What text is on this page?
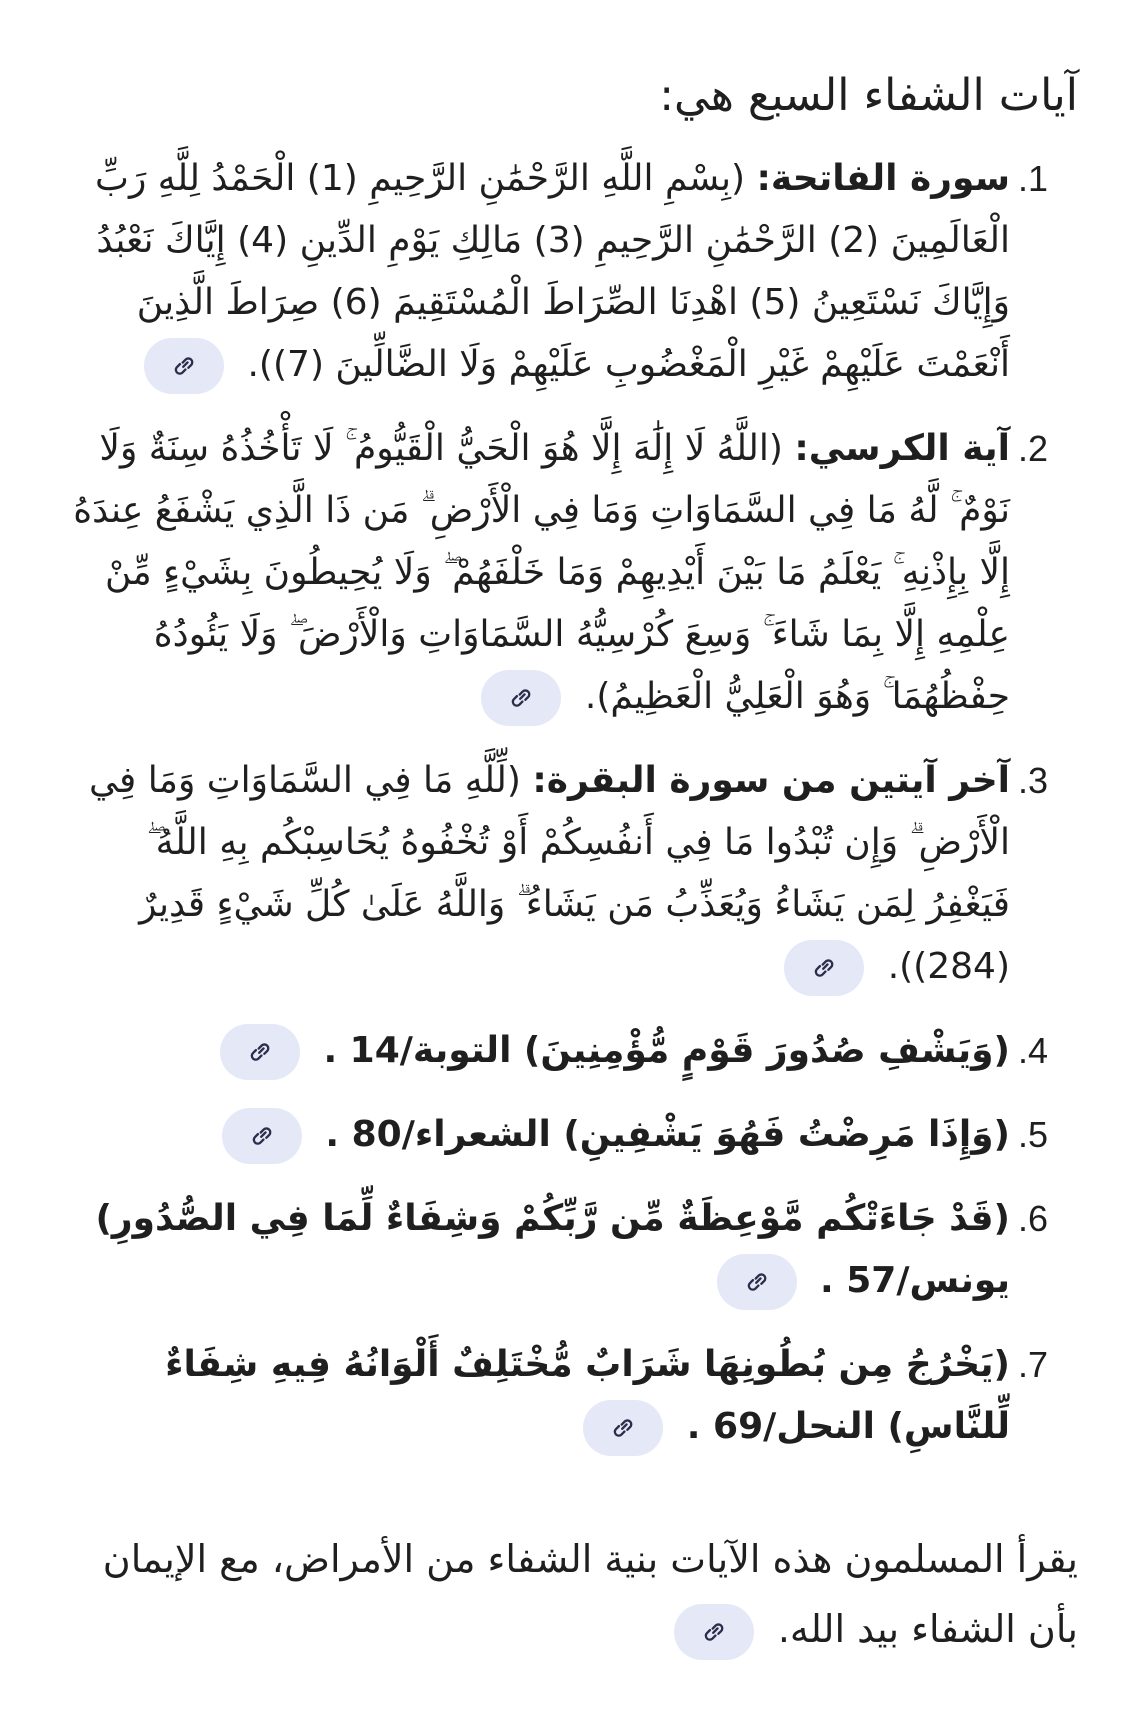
آيات الشفاء السبع هي:
.1
سورة الفاتحة: (بِسْمِ اللَّهِ الرَّحْمَٰنِ الرَّحِيمِ (1) الْحَمْدُ لِلَّهِ رَبِّ الْعَالَمِينَ (2) الرَّحْمَٰنِ الرَّحِيمِ (3) مَالِكِ يَوْمِ الدِّينِ (4) إِيَّاكَ نَعْبُدُ وَإِيَّاكَ نَسْتَعِينُ (5) اهْدِنَا الصِّرَاطَ الْمُسْتَقِيمَ (6) صِرَاطَ الَّذِينَ أَنْعَمْتَ عَلَيْهِمْ غَيْرِ الْمَغْضُوبِ عَلَيْهِمْ وَلَا الضَّالِّينَ (7)).
.2
آية الكرسي: (اللَّهُ لَا إِلَٰهَ إِلَّا هُوَ الْحَيُّ الْقَيُّومُ ۚ لَا تَأْخُذُهُ سِنَةٌ وَلَا نَوْمٌ ۚ لَّهُ مَا فِي السَّمَاوَاتِ وَمَا فِي الْأَرْضِ ۗ مَن ذَا الَّذِي يَشْفَعُ عِندَهُ إِلَّا بِإِذْنِهِ ۚ يَعْلَمُ مَا بَيْنَ أَيْدِيهِمْ وَمَا خَلْفَهُمْ ۖ وَلَا يُحِيطُونَ بِشَيْءٍ مِّنْ عِلْمِهِ إِلَّا بِمَا شَاءَ ۚ وَسِعَ كُرْسِيُّهُ السَّمَاوَاتِ وَالْأَرْضَ ۖ وَلَا يَئُودُهُ حِفْظُهُمَا ۚ وَهُوَ الْعَلِيُّ الْعَظِيمُ).
.3
آخر آيتين من سورة البقرة: (لِّلَّهِ مَا فِي السَّمَاوَاتِ وَمَا فِي الْأَرْضِ ۗ وَإِن تُبْدُوا مَا فِي أَنفُسِكُمْ أَوْ تُخْفُوهُ يُحَاسِبْكُم بِهِ اللَّهُ ۖ فَيَغْفِرُ لِمَن يَشَاءُ وَيُعَذِّبُ مَن يَشَاءُ ۗ وَاللَّهُ عَلَىٰ كُلِّ شَيْءٍ قَدِيرٌ (284)).
.4
(وَيَشْفِ صُدُورَ قَوْمٍ مُّؤْمِنِينَ) التوبة/14 .
.5
(وَإِذَا مَرِضْتُ فَهُوَ يَشْفِينِ) الشعراء/80 .
.6
(قَدْ جَاءَتْكُم مَّوْعِظَةٌ مِّن رَّبِّكُمْ وَشِفَاءٌ لِّمَا فِي الصُّدُورِ) يونس/57 .
.7
(يَخْرُجُ مِن بُطُونِهَا شَرَابٌ مُّخْتَلِفٌ أَلْوَانُهُ فِيهِ شِفَاءٌ لِّلنَّاسِ) النحل/69 .

يقرأ المسلمون هذه الآيات بنية الشفاء من الأمراض، مع الإيمان بأن الشفاء بيد الله.
